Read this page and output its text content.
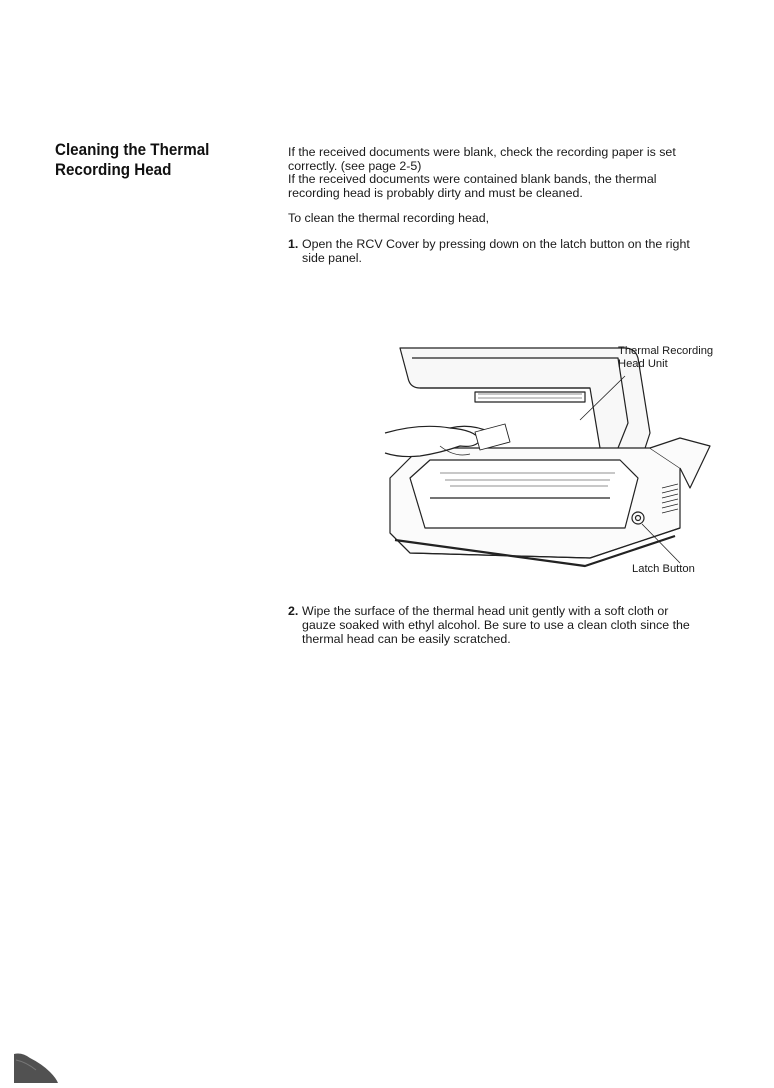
Cleaning the Thermal
Recording Head
If the received documents were blank, check the recording paper is set
correctly. (see page 2-5)
If the received documents were contained blank bands, the thermal
recording head is probably dirty and must be cleaned.
To clean the thermal recording head,
1. Open the RCV Cover by pressing down on the latch button on the right
side panel.
Thermal Recording
Head Unit
Latch Button
2. Wipe the surface of the thermal head unit gently with a soft cloth or
gauze soaked with ethyl alcohol. Be sure to use a clean cloth since the
thermal head can be easily scratched.
